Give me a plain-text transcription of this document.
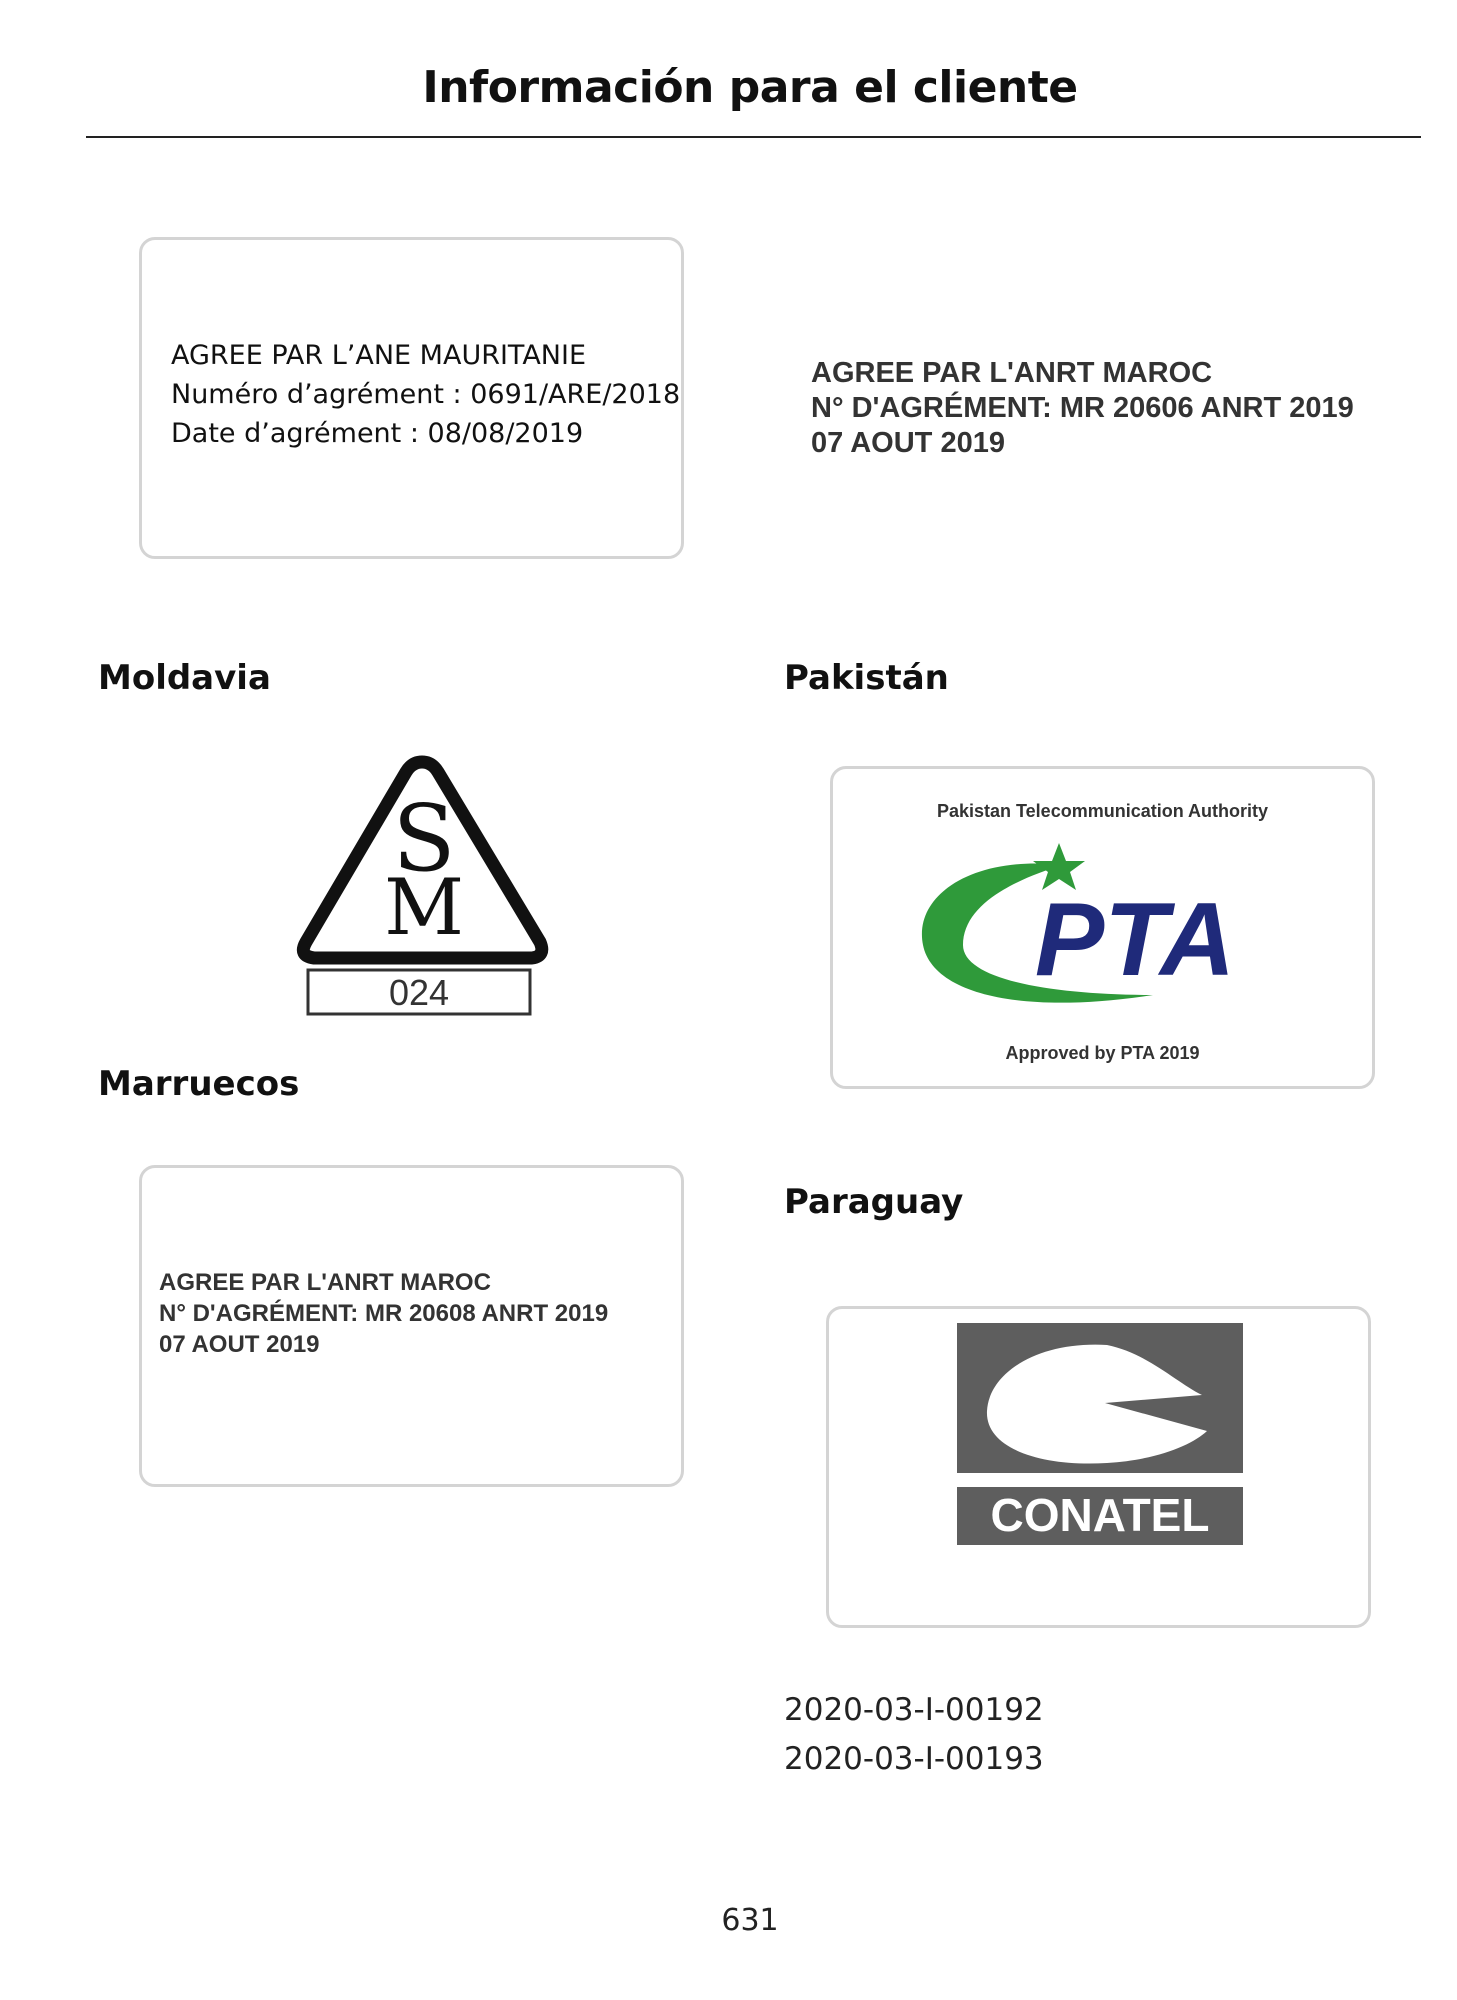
Información para el cliente
AGREE PAR L’ANE MAURITANIE
Numéro d’agrément : 0691/ARE/2018
Date d’agrément : 08/08/2019
AGREE PAR L'ANRT MAROC
N° D'AGRÉMENT: MR 20606 ANRT 2019
07 AOUT 2019
Moldavia	Pakistán
S
M
024
Pakistan Telecommunication Authority
PTA
Approved by PTA 2019
Marruecos
AGREE PAR L'ANRT MAROC
N° D'AGRÉMENT: MR 20608 ANRT 2019
07 AOUT 2019
Paraguay
CONATEL
2020-03-I-00192
2020-03-I-00193
631
